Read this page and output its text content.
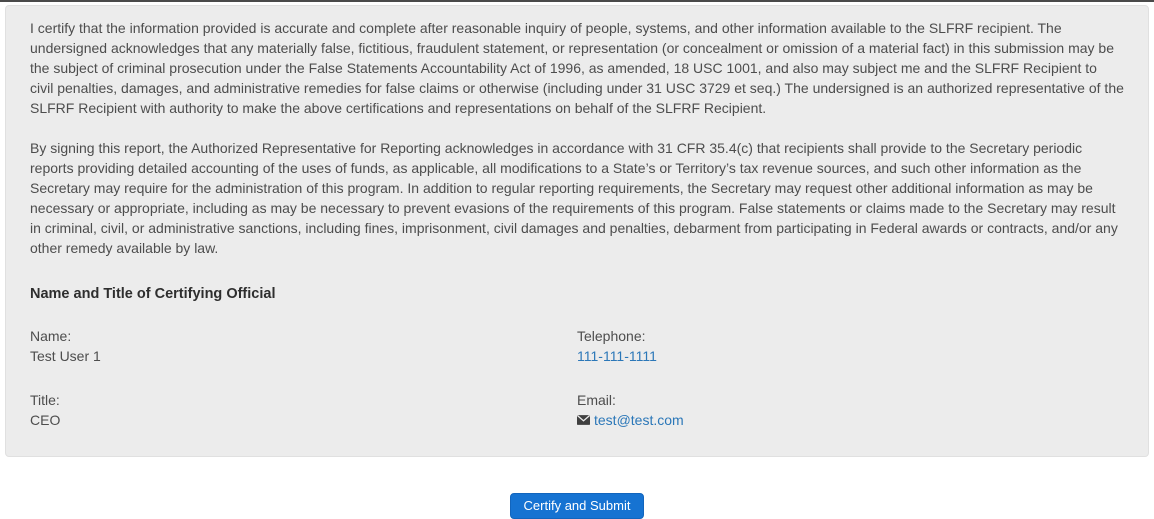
I certify that the information provided is accurate and complete after reasonable inquiry of people, systems, and other information available to the SLFRF recipient. The undersigned acknowledges that any materially false, fictitious, fraudulent statement, or representation (or concealment or omission of a material fact) in this submission may be the subject of criminal prosecution under the False Statements Accountability Act of 1996, as amended, 18 USC 1001, and also may subject me and the SLFRF Recipient to civil penalties, damages, and administrative remedies for false claims or otherwise (including under 31 USC 3729 et seq.) The undersigned is an authorized representative of the SLFRF Recipient with authority to make the above certifications and representations on behalf of the SLFRF Recipient.

By signing this report, the Authorized Representative for Reporting acknowledges in accordance with 31 CFR 35.4(c) that recipients shall provide to the Secretary periodic reports providing detailed accounting of the uses of funds, as applicable, all modifications to a State’s or Territory’s tax revenue sources, and such other information as the Secretary may require for the administration of this program. In addition to regular reporting requirements, the Secretary may request other additional information as may be necessary or appropriate, including as may be necessary to prevent evasions of the requirements of this program. False statements or claims made to the Secretary may result in criminal, civil, or administrative sanctions, including fines, imprisonment, civil damages and penalties, debarment from participating in Federal awards or contracts, and/or any other remedy available by law.

Name and Title of Certifying Official
Name:
Test User 1
Telephone:
111-111-1111
Title:
CEO
Email:
test@test.com
Certify and Submit
